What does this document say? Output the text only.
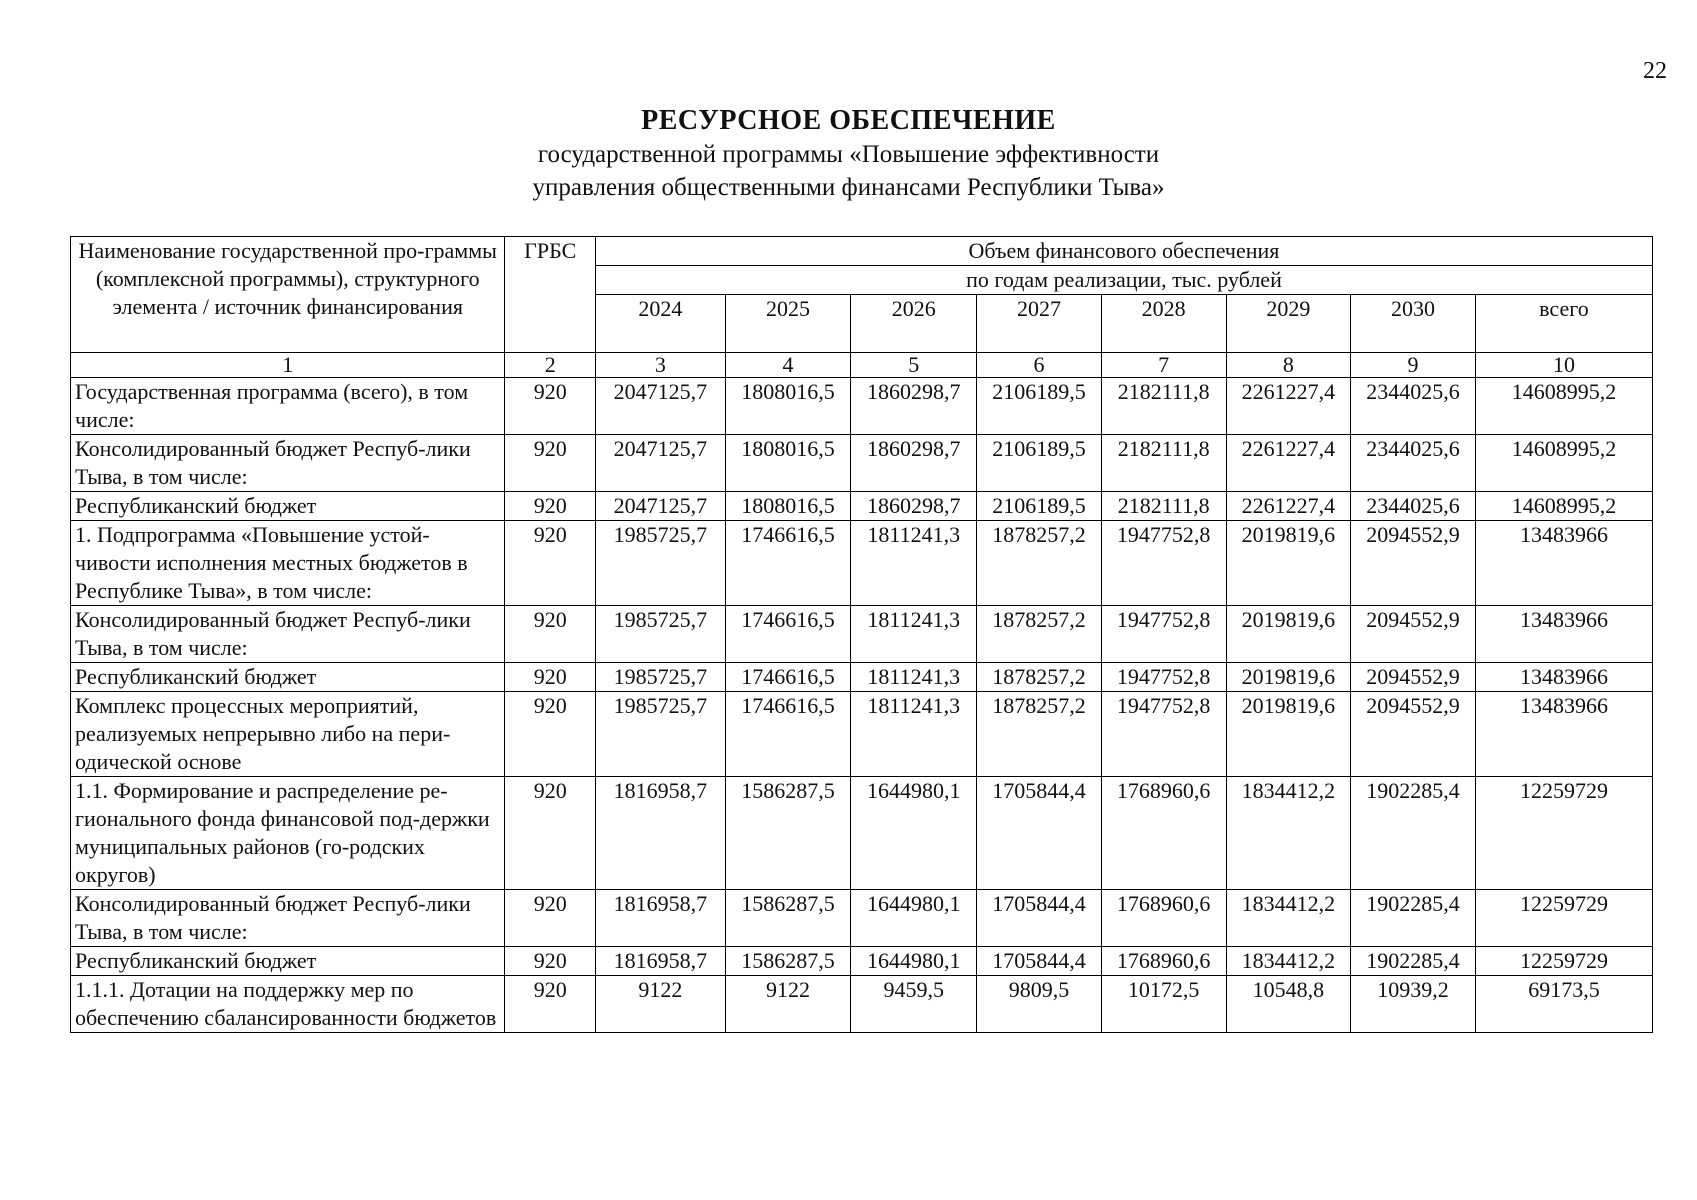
22
РЕСУРСНОЕ ОБЕСПЕЧЕНИЕ
государственной программы «Повышение эффективности
управления общественными финансами Республики Тыва»
Наименование государственной про-граммы (комплексной программы), структурного элемента / источник финансирования	ГРБС	Объем финансового обеспечения							
		по годам реализации, тыс. рублей							
		2024	2025	2026	2027	2028	2029	2030	всего
1	2	3	4	5	6	7	8	9	10
Государственная программа (всего), в том числе:	920	2047125,7	1808016,5	1860298,7	2106189,5	2182111,8	2261227,4	2344025,6	14608995,2
Консолидированный бюджет Респуб-лики Тыва, в том числе:	920	2047125,7	1808016,5	1860298,7	2106189,5	2182111,8	2261227,4	2344025,6	14608995,2
Республиканский бюджет	920	2047125,7	1808016,5	1860298,7	2106189,5	2182111,8	2261227,4	2344025,6	14608995,2
1. Подпрограмма «Повышение устой-чивости исполнения местных бюджетов в Республике Тыва», в том числе:	920	1985725,7	1746616,5	1811241,3	1878257,2	1947752,8	2019819,6	2094552,9	13483966
Консолидированный бюджет Респуб-лики Тыва, в том числе:	920	1985725,7	1746616,5	1811241,3	1878257,2	1947752,8	2019819,6	2094552,9	13483966
Республиканский бюджет	920	1985725,7	1746616,5	1811241,3	1878257,2	1947752,8	2019819,6	2094552,9	13483966
Комплекс процессных мероприятий, реализуемых непрерывно либо на пери-одической основе	920	1985725,7	1746616,5	1811241,3	1878257,2	1947752,8	2019819,6	2094552,9	13483966
1.1. Формирование и распределение ре-гионального фонда финансовой под-держки муниципальных районов (го-родских округов)	920	1816958,7	1586287,5	1644980,1	1705844,4	1768960,6	1834412,2	1902285,4	12259729
Консолидированный бюджет Респуб-лики Тыва, в том числе:	920	1816958,7	1586287,5	1644980,1	1705844,4	1768960,6	1834412,2	1902285,4	12259729
Республиканский бюджет	920	1816958,7	1586287,5	1644980,1	1705844,4	1768960,6	1834412,2	1902285,4	12259729
1.1.1. Дотации на поддержку мер по обеспечению сбалансированности бюджетов	920	9122	9122	9459,5	9809,5	10172,5	10548,8	10939,2	69173,5
